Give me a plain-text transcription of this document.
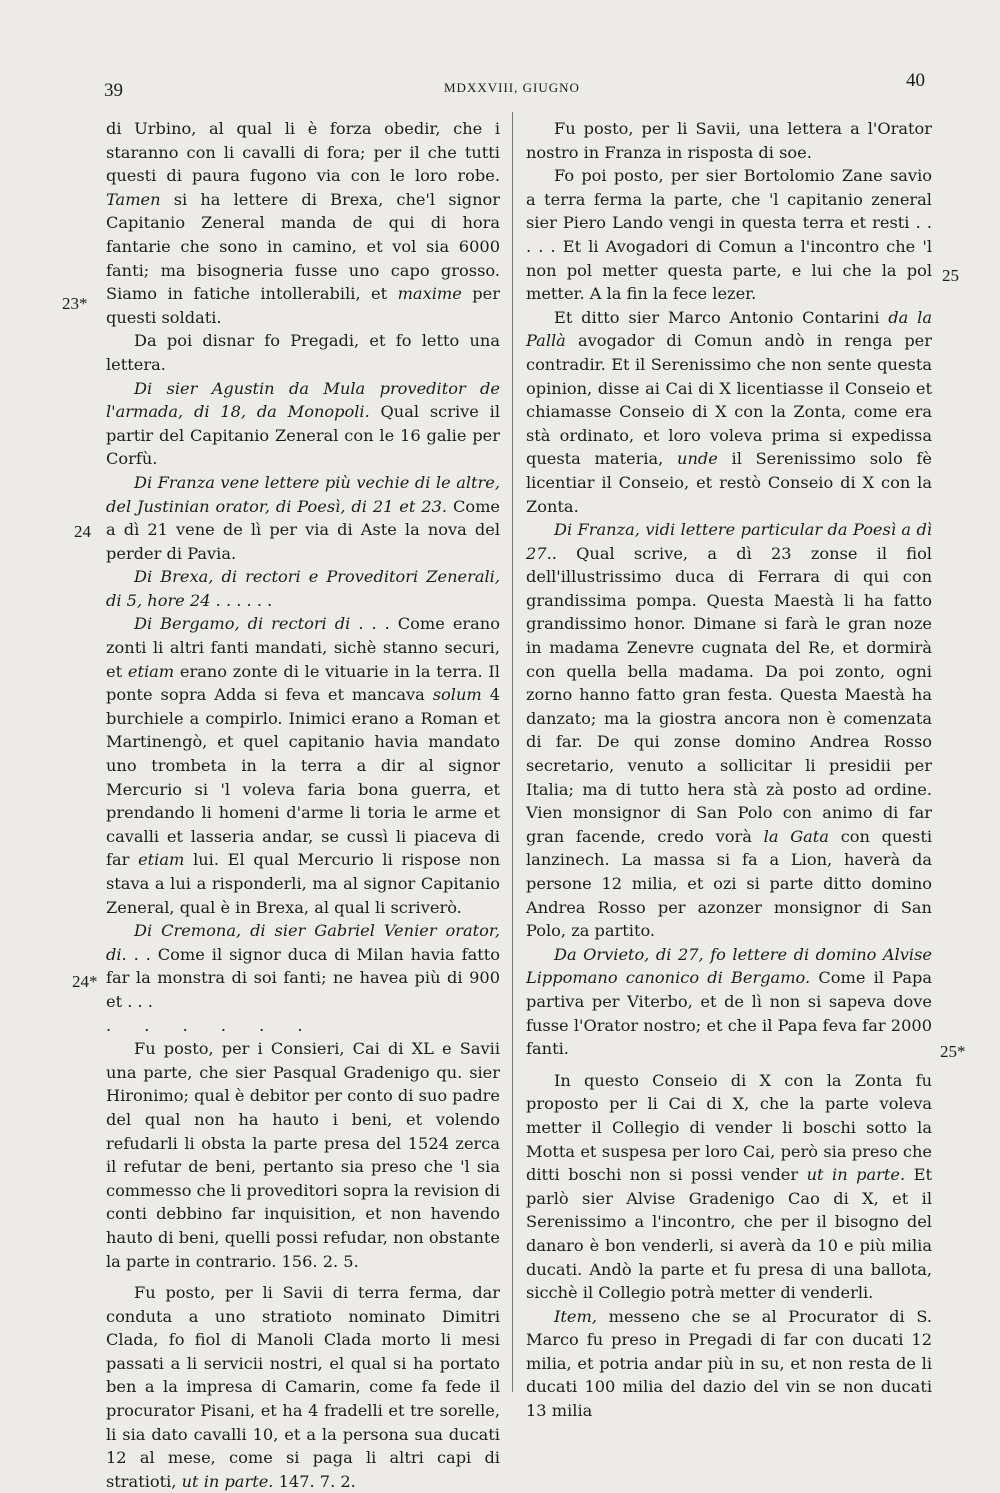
39	MDXXVIII, GIUGNO	40
23*
24
24*
25
25*

di Urbino, al qual li è forza obedir, che i staranno con li cavalli di fora; per il che tutti questi di paura fugono via con le loro robe. Tamen si ha lettere di Brexa, che'l signor Capitanio Zeneral manda de qui di hora fantarie che sono in camino, et vol sia 6000 fanti; ma bisogneria fusse uno capo grosso. Siamo in fatiche intollerabili, et maxime per questi soldati.

Da poi disnar fo Pregadi, et fo letto una lettera.

Di sier Agustin da Mula proveditor de l'armada, di 18, da Monopoli. Qual scrive il partir del Capitanio Zeneral con le 16 galie per Corfù.

Di Franza vene lettere più vechie di le altre, del Justinian orator, di Poesì, di 21 et 23. Come a dì 21 vene de lì per via di Aste la nova del perder di Pavia.

Di Brexa, di rectori e Proveditori Zenerali, di 5, hore 24 . . . . . .

Di Bergamo, di rectori di . . . Come erano zonti li altri fanti mandati, sichè stanno securi, et etiam erano zonte di le vituarie in la terra. Il ponte sopra Adda si feva et mancava solum 4 burchiele a compirlo. Inimici erano a Roman et Martinengò, et quel capitanio havia mandato uno trombeta in la terra a dir al signor Mercurio si 'l voleva faria bona guerra, et prendando li homeni d'arme li toria le arme et cavalli et lasseria andar, se cussì li piaceva di far etiam lui. El qual Mercurio li rispose non stava a lui a risponderli, ma al signor Capitanio Zeneral, qual è in Brexa, al qual li scriverò.

Di Cremona, di sier Gabriel Venier orator, di. . . Come il signor duca di Milan havia fatto far la monstra di soi fanti; ne havea più di 900 et . . .

. . . . . .

Fu posto, per i Consieri, Cai di XL e Savii una parte, che sier Pasqual Gradenigo qu. sier Hironimo; qual è debitor per conto di suo padre del qual non ha hauto i beni, et volendo refudarli li obsta la parte presa del 1524 zerca il refutar de beni, pertanto sia preso che 'l sia commesso che li proveditori sopra la revision di conti debbino far inquisition, et non havendo hauto di beni, quelli possi refudar, non obstante la parte in contrario. 156. 2. 5.

Fu posto, per li Savii di terra ferma, dar conduta a uno stratioto nominato Dimitri Clada, fo fiol di Manoli Clada morto li mesi passati a li servicii nostri, el qual si ha portato ben a la impresa di Camarin, come fa fede il procurator Pisani, et ha 4 fradelli et tre sorelle, li sia dato cavalli 10, et a la persona sua ducati 12 al mese, come si paga li altri capi di stratioti, ut in parte. 147. 7. 2.

Fu posto, per li Savii, una lettera a l'Orator nostro in Franza in risposta di soe.

Fo poi posto, per sier Bortolomio Zane savio a terra ferma la parte, che 'l capitanio zeneral sier Piero Lando vengi in questa terra et resti . . . . . Et li Avogadori di Comun a l'incontro che 'l non pol metter questa parte, e lui che la pol metter. A la fin la fece lezer.

Et ditto sier Marco Antonio Contarini da la Pallà avogador di Comun andò in renga per contradir. Et il Serenissimo che non sente questa opinion, disse ai Cai di X licentiasse il Conseio et chiamasse Conseio di X con la Zonta, come era stà ordinato, et loro voleva prima si expedissa questa materia, unde il Serenissimo solo fè licentiar il Conseio, et restò Conseio di X con la Zonta.

Di Franza, vidi lettere particular da Poesì a dì 27.. Qual scrive, a dì 23 zonse il fiol dell'illustrissimo duca di Ferrara di qui con grandissima pompa. Questa Maestà li ha fatto grandissimo honor. Dimane si farà le gran noze in madama Zenevre cugnata del Re, et dormirà con quella bella madama. Da poi zonto, ogni zorno hanno fatto gran festa. Questa Maestà ha danzato; ma la giostra ancora non è comenzata di far. De qui zonse domino Andrea Rosso secretario, venuto a sollicitar li presidii per Italia; ma di tutto hera stà zà posto ad ordine. Vien monsignor di San Polo con animo di far gran facende, credo vorà la Gata con questi lanzinech. La massa si fa a Lion, haverà da persone 12 milia, et ozi si parte ditto domino Andrea Rosso per azonzer monsignor di San Polo, za partito.

Da Orvieto, di 27, fo lettere di domino Alvise Lippomano canonico di Bergamo. Come il Papa partiva per Viterbo, et de lì non si sapeva dove fusse l'Orator nostro; et che il Papa feva far 2000 fanti.

In questo Conseio di X con la Zonta fu proposto per li Cai di X, che la parte voleva metter il Collegio di vender li boschi sotto la Motta et suspesa per loro Cai, però sia preso che ditti boschi non si possi vender ut in parte. Et parlò sier Alvise Gradenigo Cao di X, et il Serenissimo a l'incontro, che per il bisogno del danaro è bon venderli, si averà da 10 e più milia ducati. Andò la parte et fu presa di una ballota, sicchè il Collegio potrà metter di venderli.

Item, messeno che se al Procurator di S. Marco fu preso in Pregadi di far con ducati 12 milia, et potria andar più in su, et non resta de li ducati 100 milia del dazio del vin se non ducati 13 milia
